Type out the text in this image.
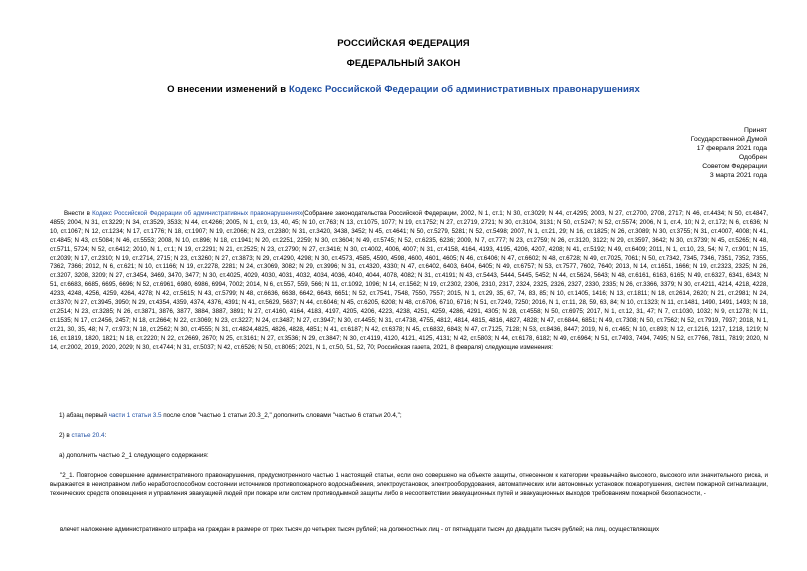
РОССИЙСКАЯ ФЕДЕРАЦИЯ
ФЕДЕРАЛЬНЫЙ ЗАКОН
О внесении изменений в Кодекс Российской Федерации об административных правонарушениях
Принят
Государственной Думой
17 февраля 2021 года
Одобрен
Советом Федерации
3 марта 2021 года
Внести в Кодекс Российской Федерации об административных правонарушениях(Собрание законодательства Российской Федерации, 2002, N 1, ст.1; N 30, ст.3029; N 44, ст.4295; 2003, N 27, ст.2700, 2708, 2717; N 46, ст.4434; N 50, ст.4847, 4855; 2004, N 31, ст.3229; N 34, ст.3529, 3533; N 44, ст.4266; 2005, N 1, ст.9, 13, 40, 45; N 10, ст.763; N 13, ст.1075, 1077; N 19, ст.1752; N 27, ст.2719, 2721; N 30, ст.3104, 3131; N 50, ст.5247; N 52, ст.5574; 2006, N 1, ст.4, 10; N 2, ст.172; N 6, ст.636; N 10, ст.1067; N 12, ст.1234; N 17, ст.1776; N 18, ст.1907; N 19, ст.2066; N 23, ст.2380; N 31, ст.3420, 3438, 3452; N 45, ст.4641; N 50, ст.5279, 5281; N 52, ст.5498; 2007, N 1, ст.21, 29; N 16, ст.1825; N 26, ст.3089; N 30, ст.3755; N 31, ст.4007, 4008; N 41, ст.4845; N 43, ст.5084; N 46, ст.5553; 2008, N 10, ст.896; N 18, ст.1941; N 20, ст.2251, 2259; N 30, ст.3604; N 49, ст.5745; N 52, ст.6235, 6236; 2009, N 7, ст.777; N 23, ст.2759; N 26, ст.3120, 3122; N 29, ст.3597, 3642; N 30, ст.3739; N 45, ст.5265; N 48, ст.5711, 5724; N 52, ст.6412; 2010, N 1, ст.1; N 19, ст.2291; N 21, ст.2525; N 23, ст.2790; N 27, ст.3416; N 30, ст.4002, 4006, 4007; N 31, ст.4158, 4164, 4193, 4195, 4206, 4207, 4208; N 41, ст.5192; N 49, ст.6409; 2011, N 1, ст.10, 23, 54; N 7, ст.901; N 15, ст.2039; N 17, ст.2310; N 19, ст.2714, 2715; N 23, ст.3260; N 27, ст.3873; N 29, ст.4290, 4298; N 30, ст.4573, 4585, 4590, 4598, 4600, 4601, 4605; N 46, ст.6406; N 47, ст.6602; N 48, ст.6728; N 49, ст.7025, 7061; N 50, ст.7342, 7345, 7346, 7351, 7352, 7355, 7362, 7366; 2012, N 6, ст.621; N 10, ст.1166; N 19, ст.2278, 2281; N 24, ст.3069, 3082; N 29, ст.3996; N 31, ст.4320, 4330; N 47, ст.6402, 6403, 6404, 6405; N 49, ст.6757; N 53, ст.7577, 7602, 7640; 2013, N 14, ст.1651, 1666; N 19, ст.2323, 2325; N 26, ст.3207, 3208, 3209; N 27, ст.3454, 3469, 3470, 3477; N 30, ст.4025, 4029, 4030, 4031, 4032, 4034, 4036, 4040, 4044, 4078, 4082; N 31, ст.4191; N 43, ст.5443, 5444, 5445, 5452; N 44, ст.5624, 5643; N 48, ст.6161, 6163, 6165; N 49, ст.6327, 6341, 6343; N 51, ст.6683, 6685, 6695, 6696; N 52, ст.6961, 6980, 6986, 6994, 7002; 2014, N 6, ст.557, 559, 566; N 11, ст.1092, 1096; N 14, ст.1562; N 19, ст.2302, 2306, 2310, 2317, 2324, 2325, 2326, 2327, 2330, 2335; N 26, ст.3366, 3379; N 30, ст.4211, 4214, 4218, 4228, 4233, 4248, 4256, 4259, 4264, 4278; N 42, ст.5615; N 43, ст.5799; N 48, ст.6636, 6638, 6642, 6643, 6651; N 52, ст.7541, 7548, 7550, 7557; 2015, N 1, ст.29, 35, 67, 74, 83, 85; N 10, ст.1405, 1416; N 13, ст.1811; N 18, ст.2614, 2620; N 21, ст.2981; N 24, ст.3370; N 27, ст.3945, 3950; N 29, ст.4354, 4359, 4374, 4376, 4391; N 41, ст.5629, 5637; N 44, ст.6046; N 45, ст.6205, 6208; N 48, ст.6706, 6710, 6716; N 51, ст.7249, 7250; 2016, N 1, ст.11, 28, 59, 63, 84; N 10, ст.1323; N 11, ст.1481, 1490, 1491, 1493; N 18, ст.2514; N 23, ст.3285; N 26, ст.3871, 3876, 3877, 3884, 3887, 3891; N 27, ст.4160, 4164, 4183, 4197, 4205, 4206, 4223, 4238, 4251, 4259, 4286, 4291, 4305; N 28, ст.4558; N 50, ст.6975; 2017, N 1, ст.12, 31, 47; N 7, ст.1030, 1032; N 9, ст.1278; N 11, ст.1535; N 17, ст.2456, 2457; N 18, ст.2664; N 22, ст.3069; N 23, ст.3227; N 24, ст.3487; N 27, ст.3947; N 30, ст.4455; N 31, ст.4738, 4755, 4812, 4814, 4815, 4816, 4827, 4828; N 47, ст.6844, 6851; N 49, ст.7308; N 50, ст.7562; N 52, ст.7919, 7937; 2018, N 1, ст.21, 30, 35, 48; N 7, ст.973; N 18, ст.2562; N 30, ст.4555; N 31, ст.4824,4825, 4826, 4828, 4851; N 41, ст.6187; N 42, ст.6378; N 45, ст.6832, 6843; N 47, ст.7125, 7128; N 53, ст.8436, 8447; 2019, N 6, ст.465; N 10, ст.893; N 12, ст.1216, 1217, 1218, 1219; N 16, ст.1819, 1820, 1821; N 18, ст.2220; N 22, ст.2669, 2670; N 25, ст.3161; N 27, ст.3536; N 29, ст.3847; N 30, ст.4119, 4120, 4121, 4125, 4131; N 42, ст.5803; N 44, ст.6178, 6182; N 49, ст.6964; N 51, ст.7493, 7494, 7495; N 52, ст.7766, 7811, 7819; 2020, N 14, ст.2002, 2019, 2020, 2029; N 30, ст.4744; N 31, ст.5037; N 42, ст.6526; N 50, ст.8065; 2021, N 1, ст.50, 51, 52, 70; Российская газета, 2021, 8 февраля) следующие изменения:
1) абзац первый части 1 статьи 3.5 после слов "частью 1 статьи 20.3_2," дополнить словами "частью 6 статьи 20.4,";
2) в статье 20.4:
а) дополнить частью 2_1 следующего содержания:
"2_1. Повторное совершение административного правонарушения, предусмотренного частью 1 настоящей статьи, если оно совершено на объекте защиты, отнесенном к категории чрезвычайно высокого, высокого или значительного риска, и выражается в неисправном либо неработоспособном состоянии источников противопожарного водоснабжения, электроустановок, электрооборудования, автоматических или автономных установок пожаротушения, систем пожарной сигнализации, технических средств оповещения и управления эвакуацией людей при пожаре или систем противодымной защиты либо в несоответствии эвакуационных путей и эвакуационных выходов требованиям пожарной безопасности, -
влечет наложение административного штрафа на граждан в размере от трех тысяч до четырех тысяч рублей; на должностных лиц - от пятнадцати тысяч до двадцати тысяч рублей; на лиц, осуществляющих
